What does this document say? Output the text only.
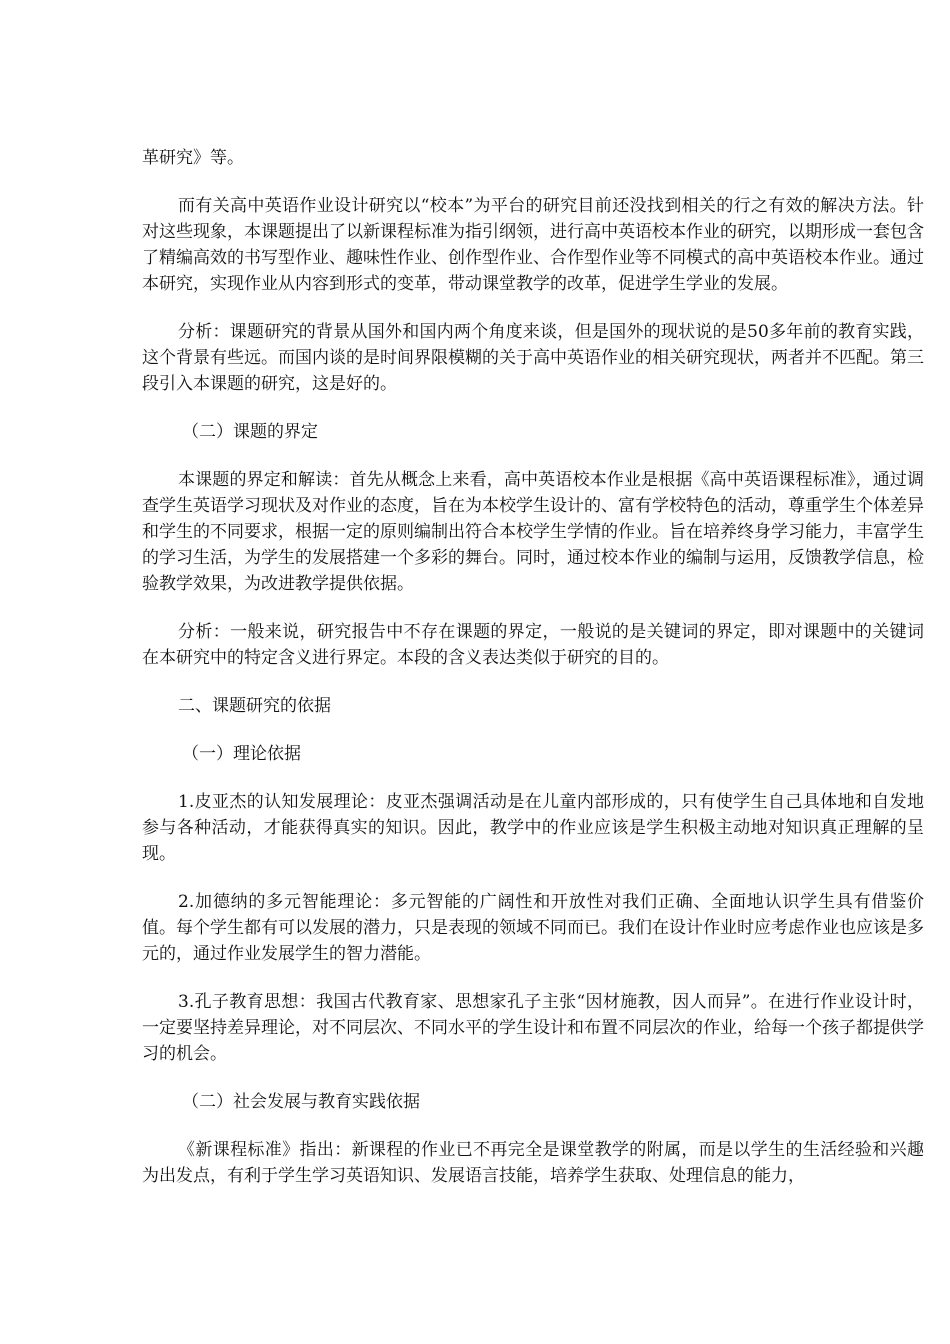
革研究》等。

而有关高中英语作业设计研究以“校本”为平台的研究目前还没找到相关的行之有效的解决方法。针对这些现象，本课题提出了以新课程标准为指引纲领，进行高中英语校本作业的研究，以期形成一套包含了精编高效的书写型作业、趣味性作业、创作型作业、合作型作业等不同模式的高中英语校本作业。通过本研究，实现作业从内容到形式的变革，带动课堂教学的改革，促进学生学业的发展。

分析：课题研究的背景从国外和国内两个角度来谈，但是国外的现状说的是50多年前的教育实践，这个背景有些远。而国内谈的是时间界限模糊的关于高中英语作业的相关研究现状，两者并不匹配。第三段引入本课题的研究，这是好的。

（二）课题的界定

本课题的界定和解读：首先从概念上来看，高中英语校本作业是根据《高中英语课程标准》，通过调查学生英语学习现状及对作业的态度，旨在为本校学生设计的、富有学校特色的活动，尊重学生个体差异和学生的不同要求，根据一定的原则编制出符合本校学生学情的作业。旨在培养终身学习能力，丰富学生的学习生活，为学生的发展搭建一个多彩的舞台。同时，通过校本作业的编制与运用，反馈教学信息，检验教学效果，为改进教学提供依据。

分析：一般来说，研究报告中不存在课题的界定，一般说的是关键词的界定，即对课题中的关键词在本研究中的特定含义进行界定。本段的含义表达类似于研究的目的。

二、课题研究的依据

（一）理论依据

1.皮亚杰的认知发展理论：皮亚杰强调活动是在儿童内部形成的，只有使学生自己具体地和自发地参与各种活动，才能获得真实的知识。因此，教学中的作业应该是学生积极主动地对知识真正理解的呈现。

2.加德纳的多元智能理论：多元智能的广阔性和开放性对我们正确、全面地认识学生具有借鉴价值。每个学生都有可以发展的潜力，只是表现的领域不同而已。我们在设计作业时应考虑作业也应该是多元的，通过作业发展学生的智力潜能。

3.孔子教育思想：我国古代教育家、思想家孔子主张“因材施教，因人而异”。在进行作业设计时，一定要坚持差异理论，对不同层次、不同水平的学生设计和布置不同层次的作业，给每一个孩子都提供学习的机会。

（二）社会发展与教育实践依据

《新课程标准》指出：新课程的作业已不再完全是课堂教学的附属，而是以学生的生活经验和兴趣为出发点，有利于学生学习英语知识、发展语言技能，培养学生获取、处理信息的能力，
